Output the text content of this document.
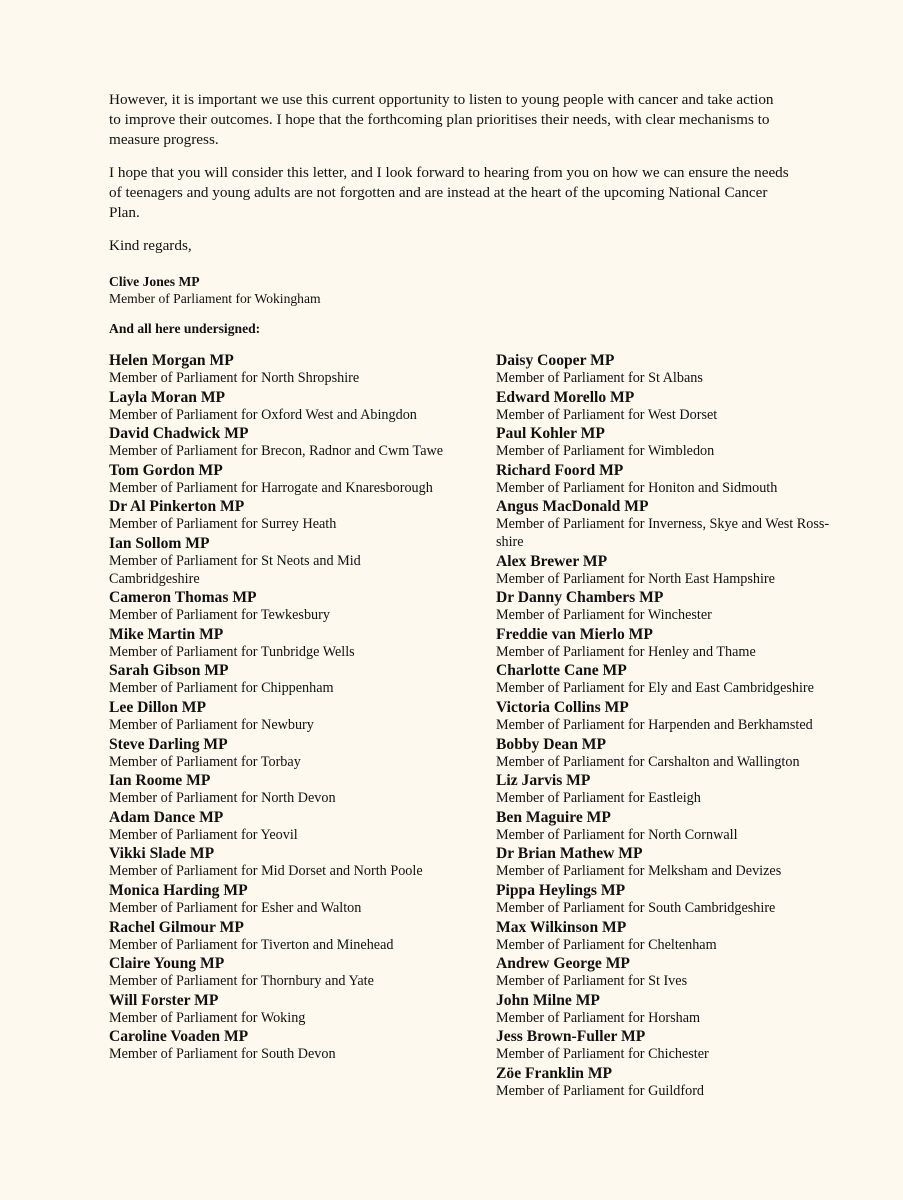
However, it is important we use this current opportunity to listen to young people with cancer and take action to improve their outcomes. I hope that the forthcoming plan prioritises their needs, with clear mechanisms to measure progress.

I hope that you will consider this letter, and I look forward to hearing from you on how we can ensure the needs of teenagers and young adults are not forgotten and are instead at the heart of the upcoming National Cancer Plan.

Kind regards,
Clive Jones MP
Member of Parliament for Wokingham
And all here undersigned:
Helen Morgan MP
Member of Parliament for North Shropshire
Layla Moran MP
Member of Parliament for Oxford West and Abingdon
David Chadwick MP
Member of Parliament for Brecon, Radnor and Cwm Tawe
Tom Gordon MP
Member of Parliament for Harrogate and Knaresborough
Dr Al Pinkerton MP
Member of Parliament for Surrey Heath
Ian Sollom MP
Member of Parliament for St Neots and Mid Cambridgeshire
Cameron Thomas MP
Member of Parliament for Tewkesbury
Mike Martin MP
Member of Parliament for Tunbridge Wells
Sarah Gibson MP
Member of Parliament for Chippenham
Lee Dillon MP
Member of Parliament for Newbury
Steve Darling MP
Member of Parliament for Torbay
Ian Roome MP
Member of Parliament for North Devon
Adam Dance MP
Member of Parliament for Yeovil
Vikki Slade MP
Member of Parliament for Mid Dorset and North Poole
Monica Harding MP
Member of Parliament for Esher and Walton
Rachel Gilmour MP
Member of Parliament for Tiverton and Minehead
Claire Young MP
Member of Parliament for Thornbury and Yate
Will Forster MP
Member of Parliament for Woking
Caroline Voaden MP
Member of Parliament for South Devon
Daisy Cooper MP
Member of Parliament for St Albans
Edward Morello MP
Member of Parliament for West Dorset
Paul Kohler MP
Member of Parliament for Wimbledon
Richard Foord MP
Member of Parliament for Honiton and Sidmouth
Angus MacDonald MP
Member of Parliament for Inverness, Skye and West Ross-shire
Alex Brewer MP
Member of Parliament for North East Hampshire
Dr Danny Chambers MP
Member of Parliament for Winchester
Freddie van Mierlo MP
Member of Parliament for Henley and Thame
Charlotte Cane MP
Member of Parliament for Ely and East Cambridgeshire
Victoria Collins MP
Member of Parliament for Harpenden and Berkhamsted
Bobby Dean MP
Member of Parliament for Carshalton and Wallington
Liz Jarvis MP
Member of Parliament for Eastleigh
Ben Maguire MP
Member of Parliament for North Cornwall
Dr Brian Mathew MP
Member of Parliament for Melksham and Devizes
Pippa Heylings MP
Member of Parliament for South Cambridgeshire
Max Wilkinson MP
Member of Parliament for Cheltenham
Andrew George MP
Member of Parliament for St Ives
John Milne MP
Member of Parliament for Horsham
Jess Brown-Fuller MP
Member of Parliament for Chichester
Zöe Franklin MP
Member of Parliament for Guildford
